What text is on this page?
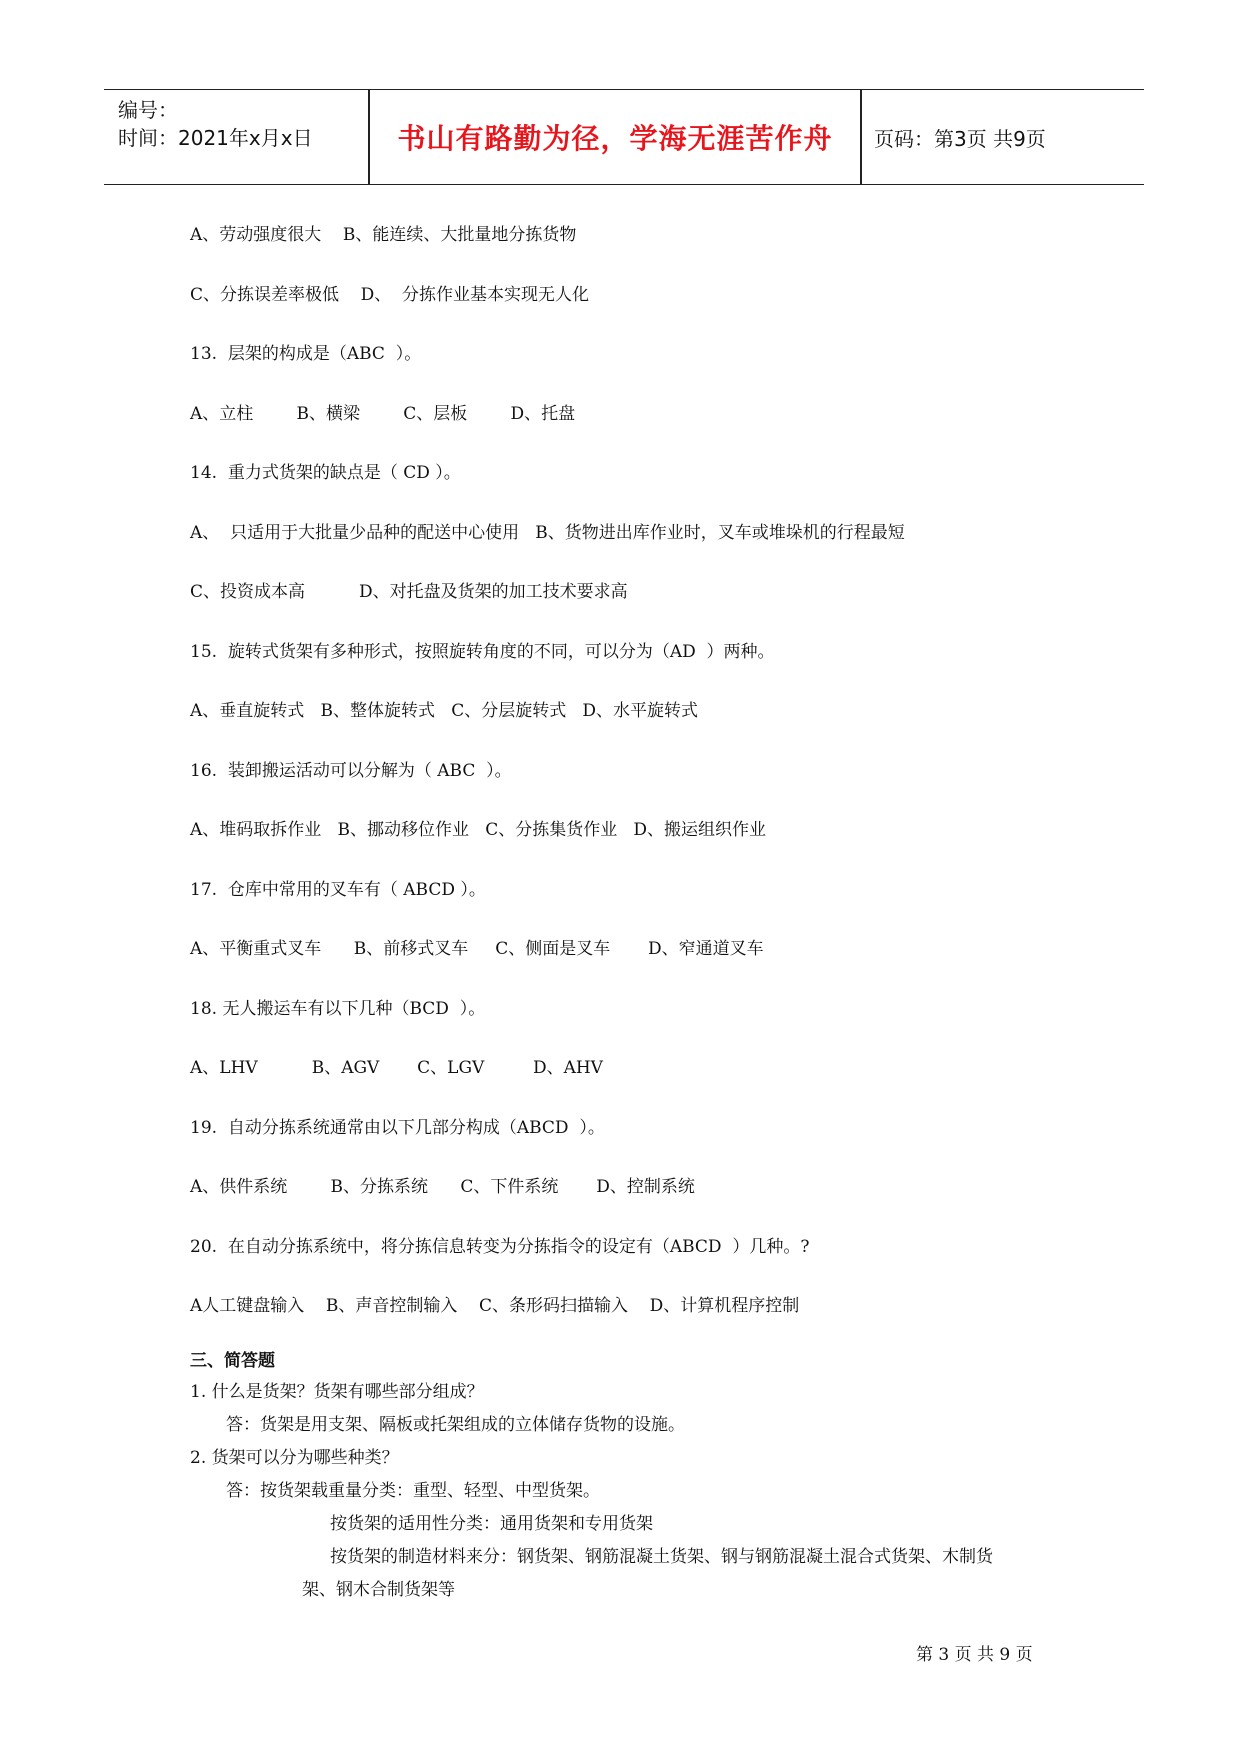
编号：
时间：2021年x月x日	书山有路勤为径，学海无涯苦作舟	页码：第3页 共9页
A、劳动强度很大    B、能连续、大批量地分拣货物
C、分拣误差率极低    D、  分拣作业基本实现无人化
13.  层架的构成是（ABC  ）。
A、立柱        B、横梁        C、层板        D、托盘
14.  重力式货架的缺点是（ CD ）。
A、  只适用于大批量少品种的配送中心使用   B、货物进出库作业时，叉车或堆垛机的行程最短
C、投资成本高          D、对托盘及货架的加工技术要求高
15.  旋转式货架有多种形式，按照旋转角度的不同，可以分为（AD  ）两种。
A、垂直旋转式   B、整体旋转式   C、分层旋转式   D、水平旋转式
16.  装卸搬运活动可以分解为（ ABC  ）。
A、堆码取拆作业   B、挪动移位作业   C、分拣集货作业   D、搬运组织作业
17.  仓库中常用的叉车有（ ABCD ）。
A、平衡重式叉车      B、前移式叉车     C、侧面是叉车       D、窄通道叉车
18. 无人搬运车有以下几种（BCD  ）。
A、LHV          B、AGV       C、LGV         D、AHV
19.  自动分拣系统通常由以下几部分构成（ABCD  ）。
A、供件系统        B、分拣系统      C、下件系统       D、控制系统
20.  在自动分拣系统中，将分拣信息转变为分拣指令的设定有（ABCD  ）几种。?
A人工键盘输入    B、声音控制输入    C、条形码扫描输入    D、计算机程序控制
三、简答题
1. 什么是货架？货架有哪些部分组成？
答：货架是用支架、隔板或托架组成的立体储存货物的设施。
2. 货架可以分为哪些种类？
答：按货架载重量分类：重型、轻型、中型货架。
按货架的适用性分类：通用货架和专用货架
按货架的制造材料来分：钢货架、钢筋混凝土货架、钢与钢筋混凝土混合式货架、木制货
架、钢木合制货架等
第 3 页 共 9 页
